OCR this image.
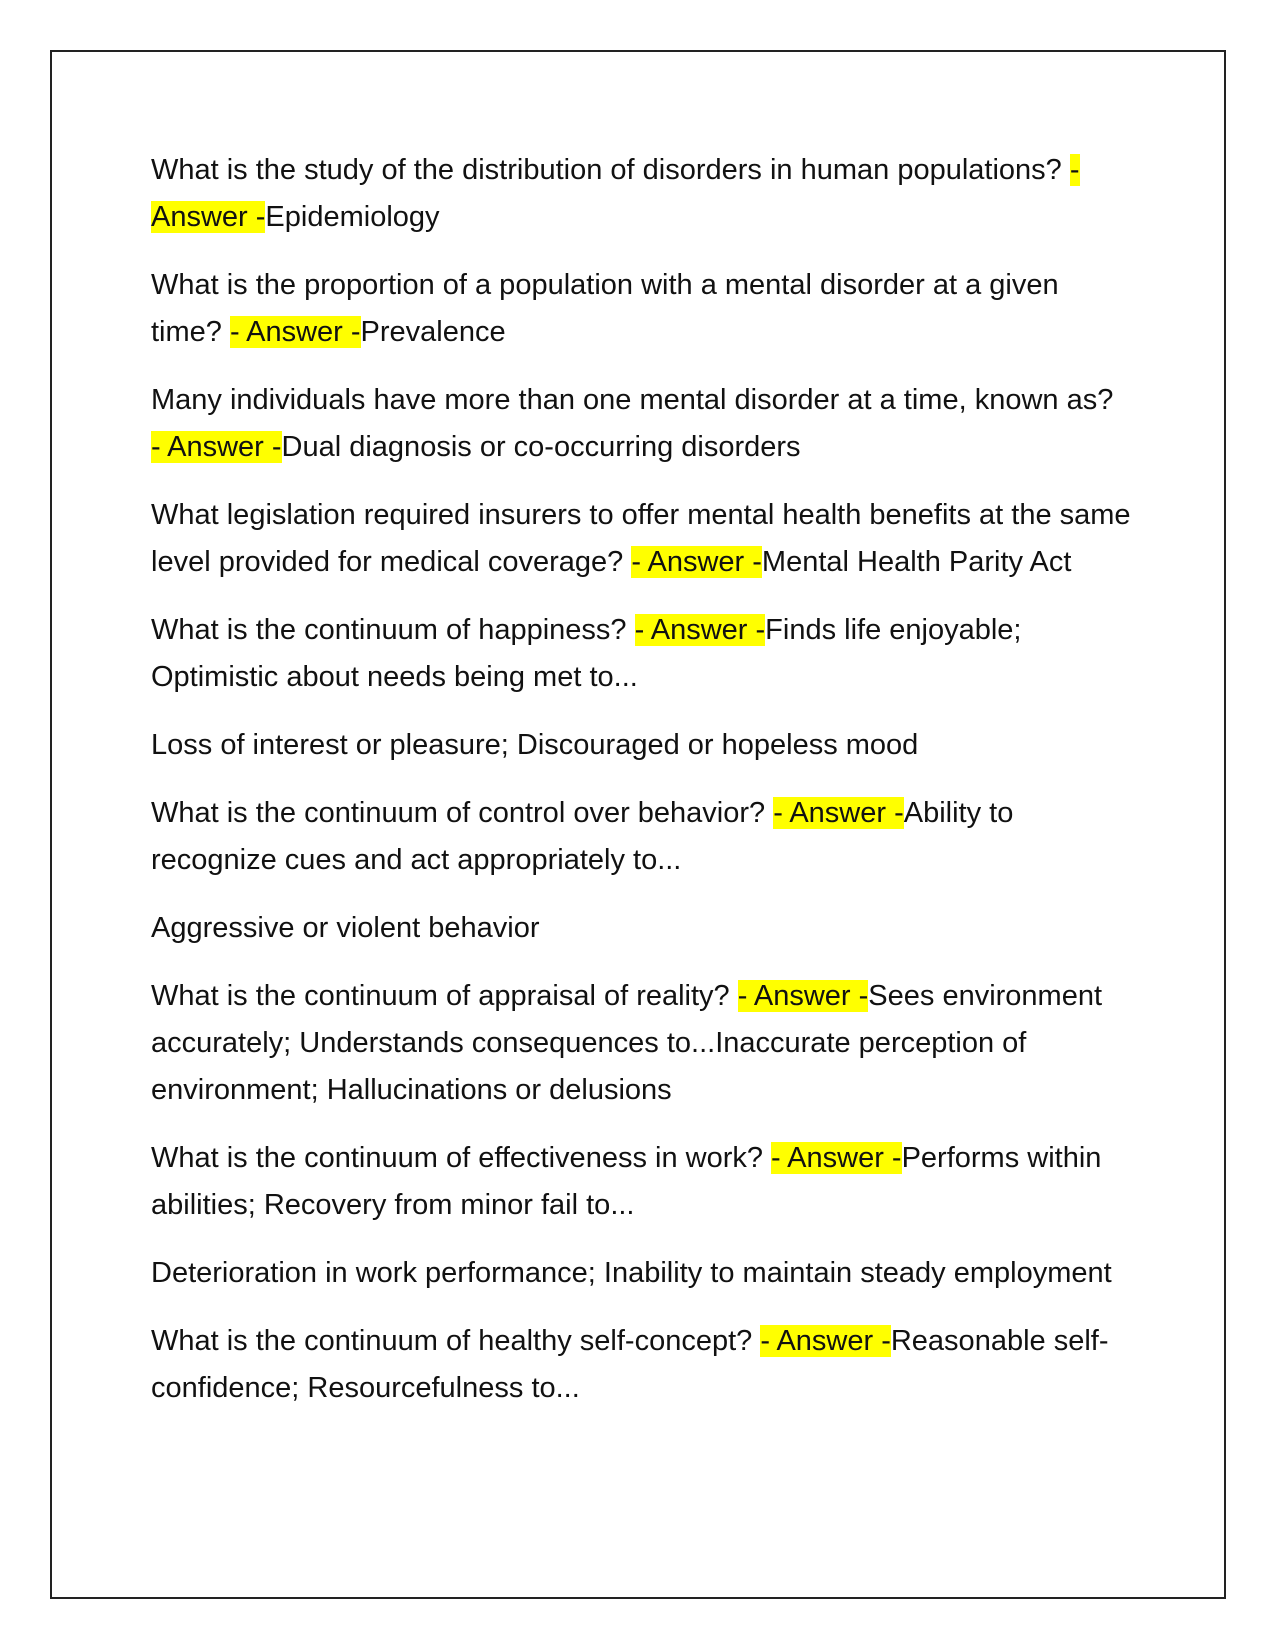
What is the study of the distribution of disorders in human populations? - Answer -Epidemiology

What is the proportion of a population with a mental disorder at a given time? - Answer -Prevalence

Many individuals have more than one mental disorder at a time, known as? - Answer -Dual diagnosis or co-occurring disorders

What legislation required insurers to offer mental health benefits at the same level provided for medical coverage? - Answer -Mental Health Parity Act

What is the continuum of happiness? - Answer -Finds life enjoyable; Optimistic about needs being met to...

Loss of interest or pleasure; Discouraged or hopeless mood

What is the continuum of control over behavior? - Answer -Ability to recognize cues and act appropriately to...

Aggressive or violent behavior

What is the continuum of appraisal of reality? - Answer -Sees environment accurately; Understands consequences to...Inaccurate perception of environment; Hallucinations or delusions

What is the continuum of effectiveness in work? - Answer -Performs within abilities; Recovery from minor fail to...

Deterioration in work performance; Inability to maintain steady employment

What is the continuum of healthy self-concept? - Answer -Reasonable self-confidence; Resourcefulness to...
